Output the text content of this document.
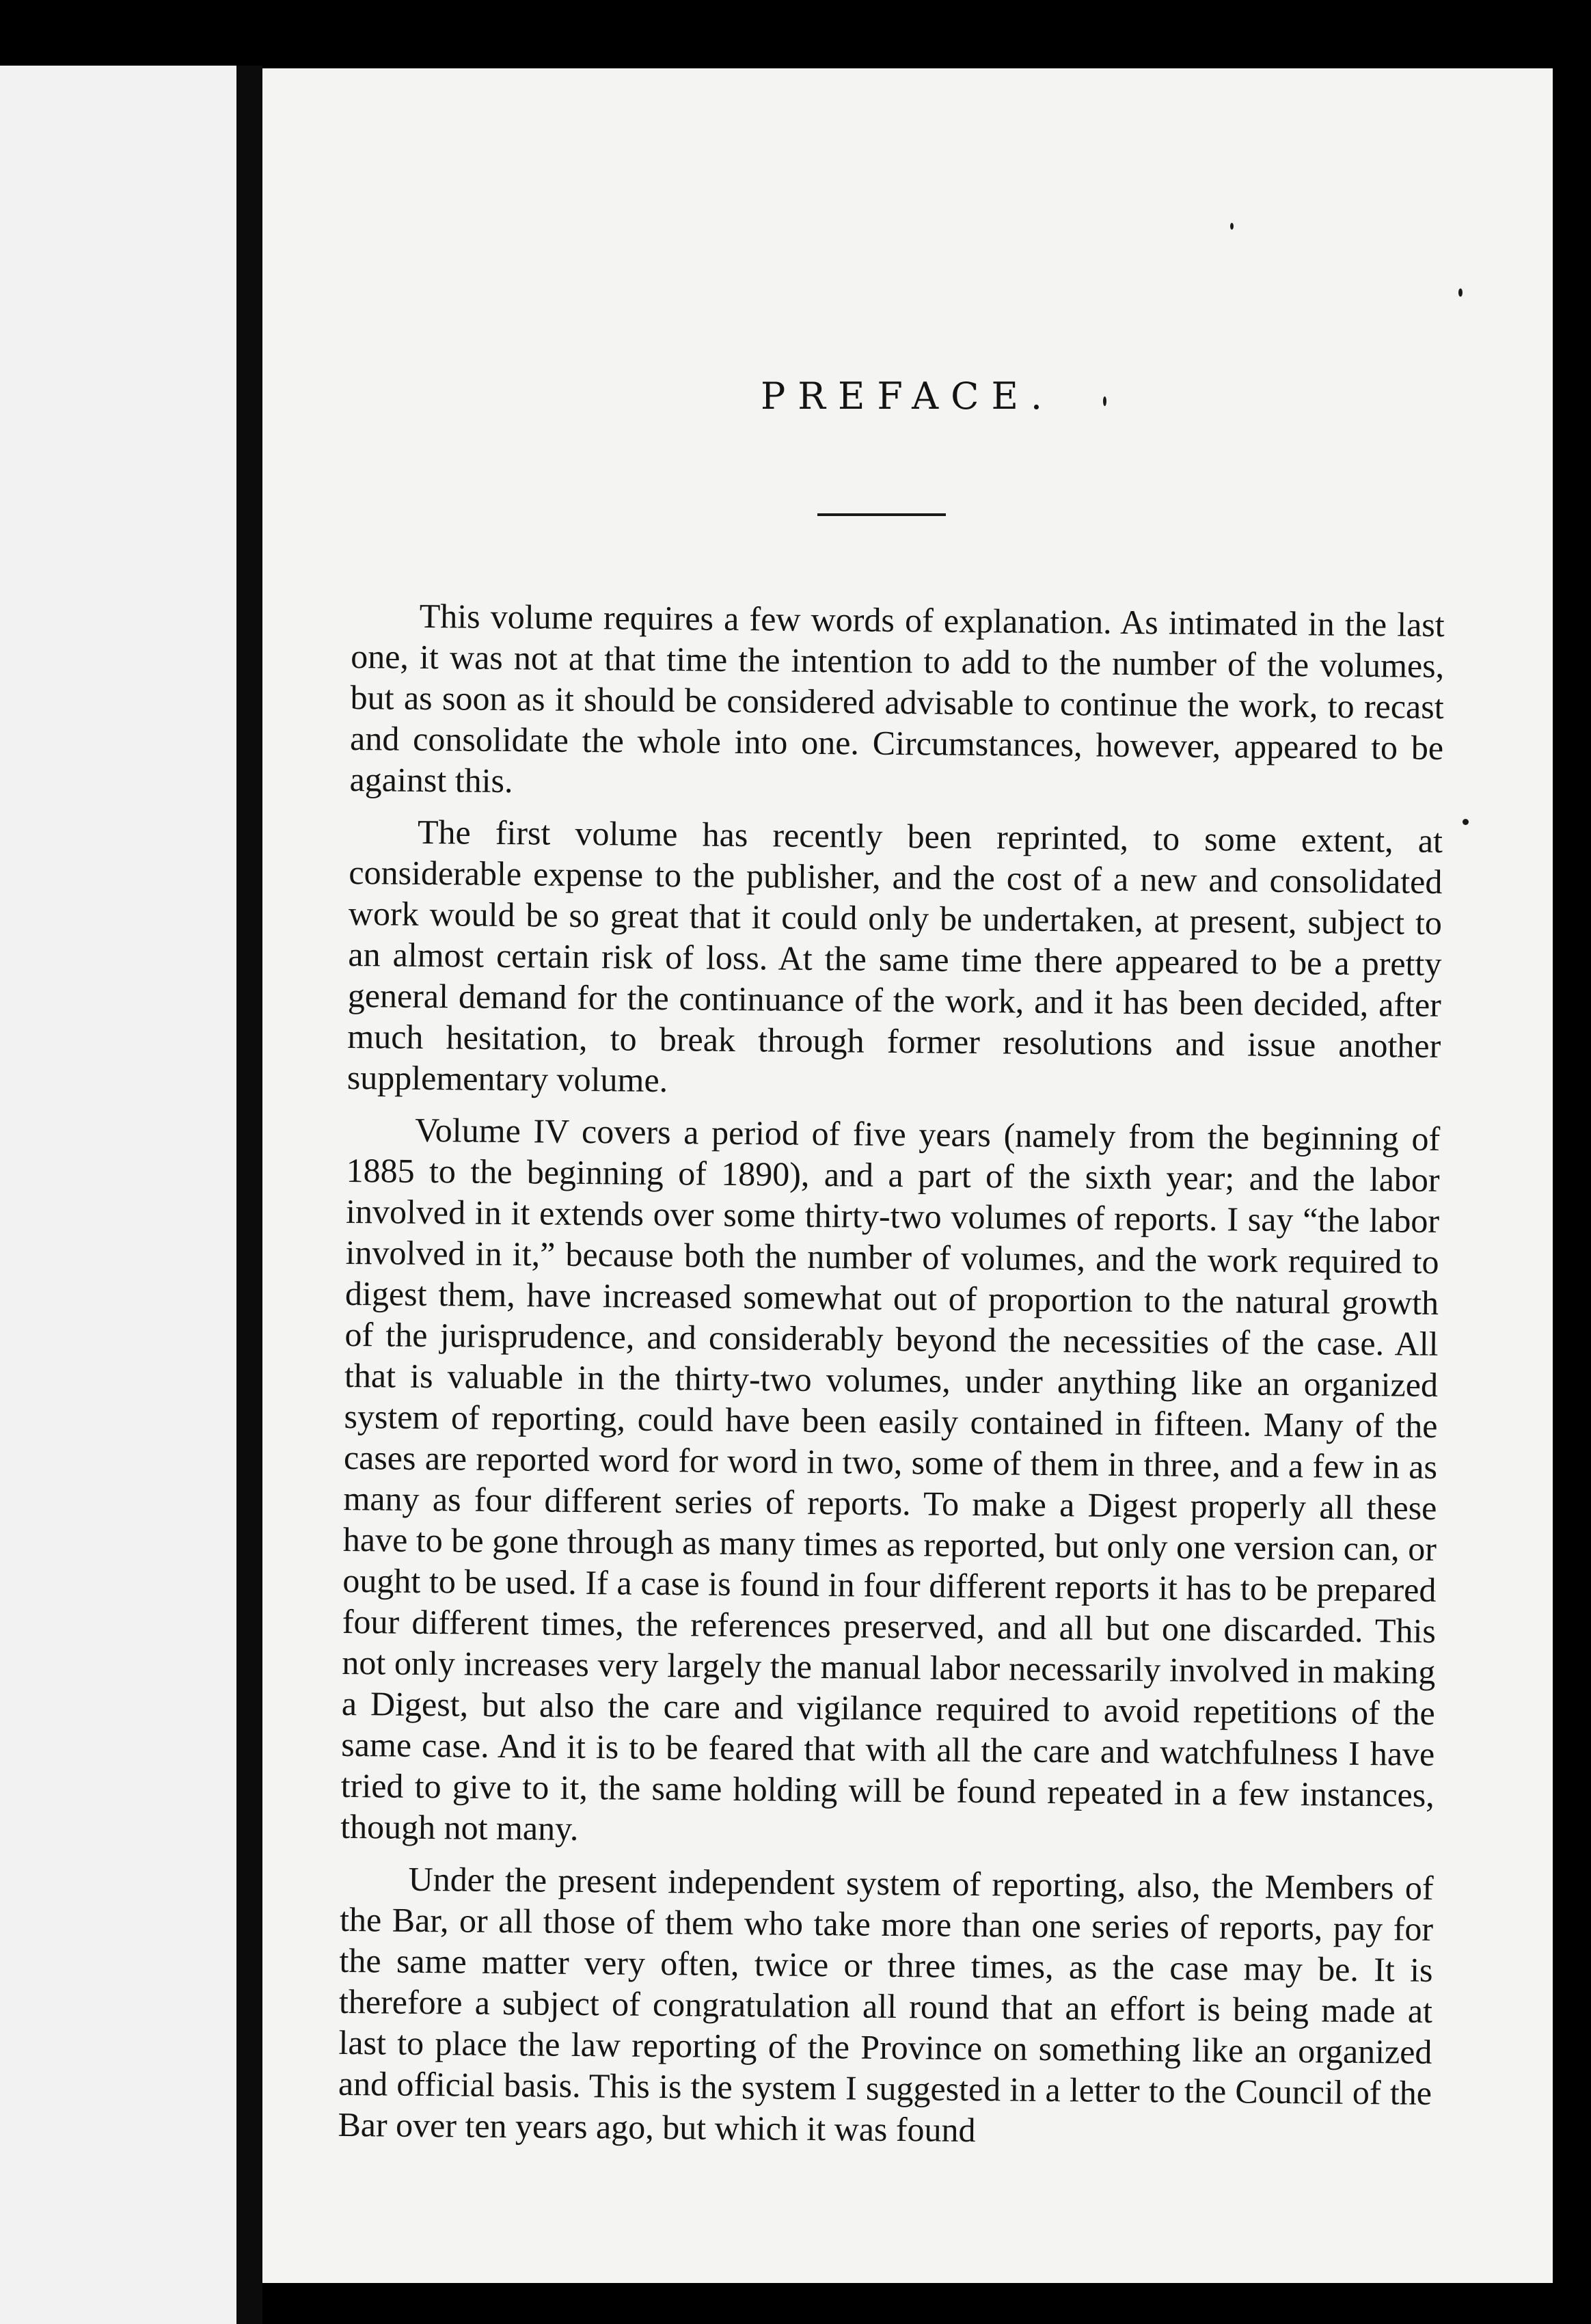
PREFACE.

This volume requires a few words of explanation. As intimated in the last one, it was not at that time the intention to add to the number of the volumes, but as soon as it should be considered advisable to continue the work, to recast and consolidate the whole into one. Circumstances, however, appeared to be against this.

The first volume has recently been reprinted, to some extent, at considerable expense to the publisher, and the cost of a new and consolidated work would be so great that it could only be undertaken, at present, subject to an almost certain risk of loss. At the same time there appeared to be a pretty general demand for the continuance of the work, and it has been decided, after much hesitation, to break through former resolutions and issue another supplementary volume.

Volume IV covers a period of five years (namely from the beginning of 1885 to the beginning of 1890), and a part of the sixth year; and the labor involved in it extends over some thirty-two volumes of reports. I say “the labor involved in it,” because both the number of volumes, and the work required to digest them, have increased somewhat out of proportion to the natural growth of the jurisprudence, and considerably beyond the necessities of the case. All that is valuable in the thirty-two volumes, under anything like an organized system of reporting, could have been easily contained in fifteen. Many of the cases are reported word for word in two, some of them in three, and a few in as many as four different series of reports. To make a Digest properly all these have to be gone through as many times as reported, but only one version can, or ought to be used. If a case is found in four different reports it has to be prepared four different times, the references preserved, and all but one discarded. This not only increases very largely the manual labor necessarily involved in making a Digest, but also the care and vigilance required to avoid repetitions of the same case. And it is to be feared that with all the care and watchfulness I have tried to give to it, the same holding will be found repeated in a few instances, though not many.

Under the present independent system of reporting, also, the Members of the Bar, or all those of them who take more than one series of reports, pay for the same matter very often, twice or three times, as the case may be. It is therefore a subject of congratulation all round that an effort is being made at last to place the law reporting of the Province on something like an organized and official basis. This is the system I suggested in a letter to the Council of the Bar over ten years ago, but which it was found
